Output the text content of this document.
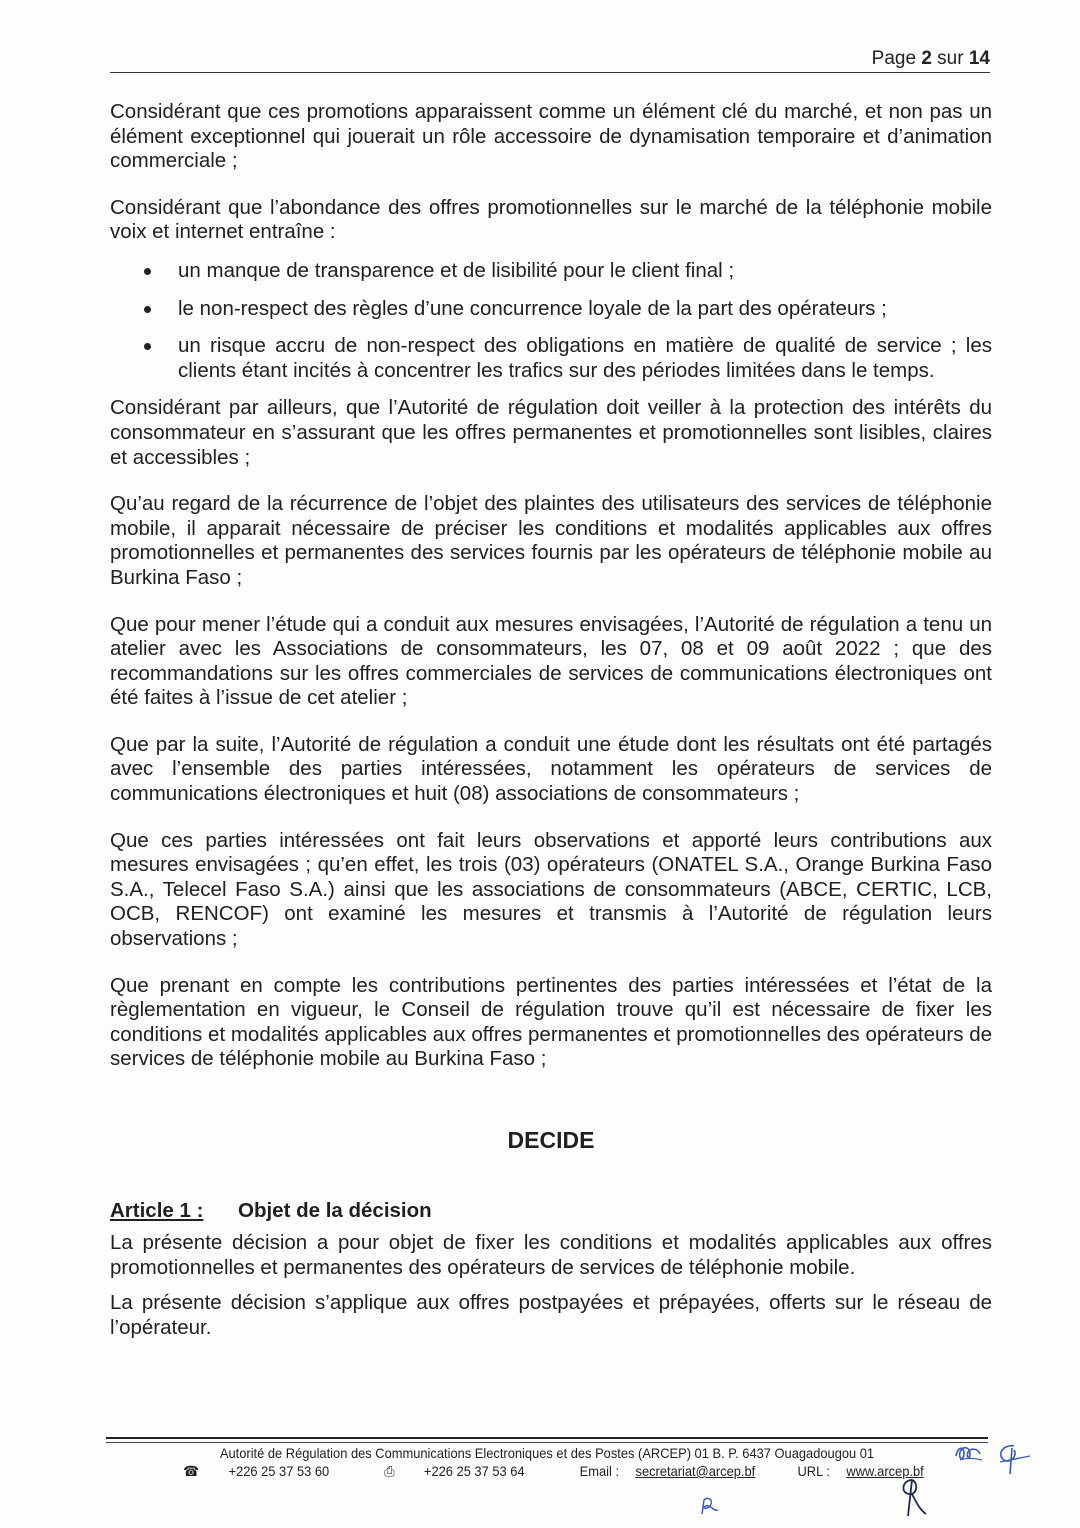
Page 2 sur 14

Considérant que ces promotions apparaissent comme un élément clé du marché, et non pas un élément exceptionnel qui jouerait un rôle accessoire de dynamisation temporaire et d’animation commerciale ;

Considérant que l’abondance des offres promotionnelles sur le marché de la téléphonie mobile voix et internet entraîne :

un manque de transparence et de lisibilité pour le client final ;
le non-respect des règles d’une concurrence loyale de la part des opérateurs ;
un risque accru de non-respect des obligations en matière de qualité de service ; les clients étant incités à concentrer les trafics sur des périodes limitées dans le temps.

Considérant par ailleurs, que l’Autorité de régulation doit veiller à la protection des intérêts du consommateur en s’assurant que les offres permanentes et promotionnelles sont lisibles, claires et accessibles ;

Qu’au regard de la récurrence de l’objet des plaintes des utilisateurs des services de téléphonie mobile, il apparait nécessaire de préciser les conditions et modalités applicables aux offres promotionnelles et permanentes des services fournis par les opérateurs de téléphonie mobile au Burkina Faso ;

Que pour mener l’étude qui a conduit aux mesures envisagées, l’Autorité de régulation a tenu un atelier avec les Associations de consommateurs, les 07, 08 et 09 août 2022 ; que des recommandations sur les offres commerciales de services de communications électroniques ont été faites à l’issue de cet atelier ;

Que par la suite, l’Autorité de régulation a conduit une étude dont les résultats ont été partagés avec l’ensemble des parties intéressées, notamment les opérateurs de services de communications électroniques et huit (08) associations de consommateurs ;

Que ces parties intéressées ont fait leurs observations et apporté leurs contributions aux mesures envisagées ; qu’en effet, les trois (03) opérateurs (ONATEL S.A., Orange Burkina Faso S.A., Telecel Faso S.A.) ainsi que les associations de consommateurs (ABCE, CERTIC, LCB, OCB, RENCOF) ont examiné les mesures et transmis à l’Autorité de régulation leurs observations ;

Que prenant en compte les contributions pertinentes des parties intéressées et l’état de la règlementation en vigueur, le Conseil de régulation trouve qu’il est nécessaire de fixer les conditions et modalités applicables aux offres permanentes et promotionnelles des opérateurs de services de téléphonie mobile au Burkina Faso ;

DECIDE
Article 1 :	Objet de la décision

La présente décision a pour objet de fixer les conditions et modalités applicables aux offres promotionnelles et permanentes des opérateurs de services de téléphonie mobile.

La présente décision s’applique aux offres postpayées et prépayées, offerts sur le réseau de l’opérateur.

Autorité de Régulation des Communications Electroniques et des Postes (ARCEP) 01 B. P. 6437 Ouagadougou 01
☎ +226 25 37 53 60	⎙ +226 25 37 53 64	Email : secretariat@arcep.bf	URL : www.arcep.bf
